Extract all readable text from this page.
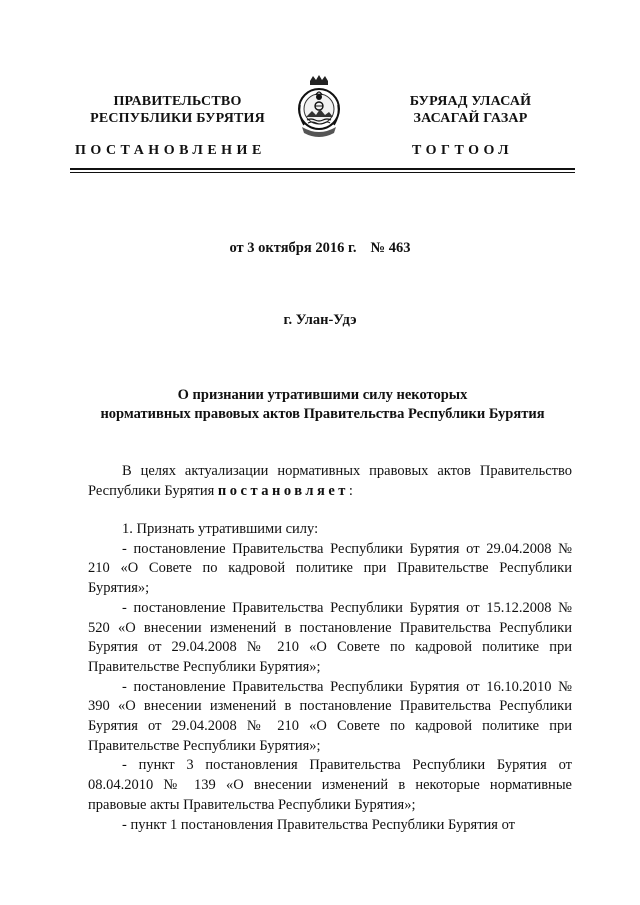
ПРАВИТЕЛЬСТВО
РЕСПУБЛИКИ БУРЯТИЯ
ПОСТАНОВЛЕНИЕ
БУРЯАД УЛАСАЙ
ЗАСАГАЙ ГАЗАР
ТОГТООЛ
от 3 октября 2016 г. № 463
г. Улан-Удэ
О признании утратившими силу некоторых
нормативных правовых актов Правительства Республики Бурятия

В целях актуализации нормативных правовых актов Правительство Республики Бурятия постановляет:

1. Признать утратившими силу:

- постановление Правительства Республики Бурятия от 29.04.2008 № 210 «О Совете по кадровой политике при Правительстве Республики Бурятия»;

- постановление Правительства Республики Бурятия от 15.12.2008 № 520 «О внесении изменений в постановление Правительства Республики Бурятия от 29.04.2008 № 210 «О Совете по кадровой политике при Правительстве Республики Бурятия»;

- постановление Правительства Республики Бурятия от 16.10.2010 № 390 «О внесении изменений в постановление Правительства Республики Бурятия от 29.04.2008 № 210 «О Совете по кадровой политике при Правительстве Республики Бурятия»;

- пункт 3 постановления Правительства Республики Бурятия от 08.04.2010 № 139 «О внесении изменений в некоторые нормативные правовые акты Правительства Республики Бурятия»;

- пункт 1 постановления Правительства Республики Бурятия от
